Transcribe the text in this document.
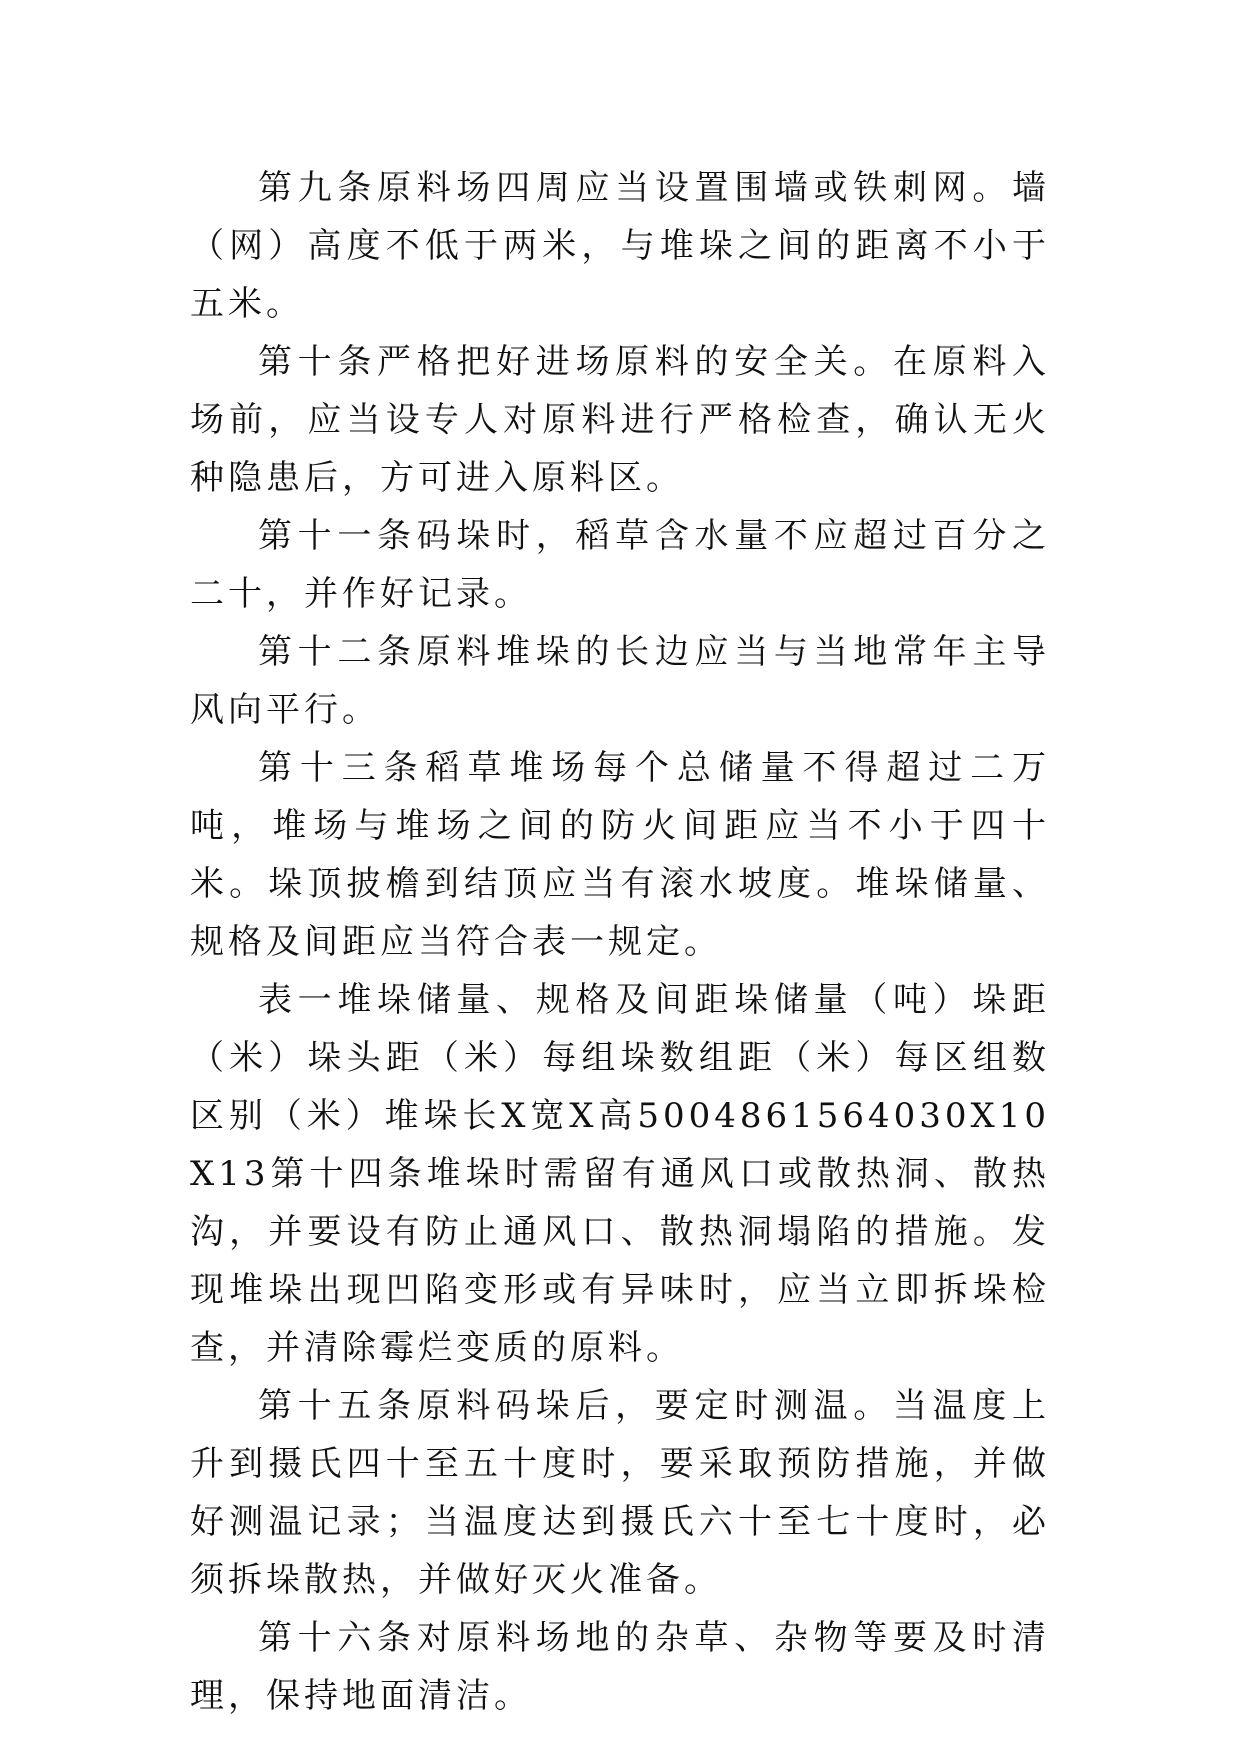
第九条原料场四周应当设置围墙或铁刺网。墙（网）高度不低于两米，与堆垛之间的距离不小于五米。

第十条严格把好进场原料的安全关。在原料入场前，应当设专人对原料进行严格检查，确认无火种隐患后，方可进入原料区。

第十一条码垛时，稻草含水量不应超过百分之二十，并作好记录。

第十二条原料堆垛的长边应当与当地常年主导风向平行。

第十三条稻草堆场每个总储量不得超过二万吨，堆场与堆场之间的防火间距应当不小于四十米。垛顶披檐到结顶应当有滚水坡度。堆垛储量、规格及间距应当符合表一规定。

表一堆垛储量、规格及间距垛储量（吨）垛距（米）垛头距（米）每组垛数组距（米）每区组数区别（米）堆垛长X宽X高5004861564030X10X13第十四条堆垛时需留有通风口或散热洞、散热沟，并要设有防止通风口、散热洞塌陷的措施。发现堆垛出现凹陷变形或有异味时，应当立即拆垛检查，并清除霉烂变质的原料。

第十五条原料码垛后，要定时测温。当温度上升到摄氏四十至五十度时，要采取预防措施，并做好测温记录；当温度达到摄氏六十至七十度时，必须拆垛散热，并做好灭火准备。

第十六条对原料场地的杂草、杂物等要及时清理，保持地面清洁。
